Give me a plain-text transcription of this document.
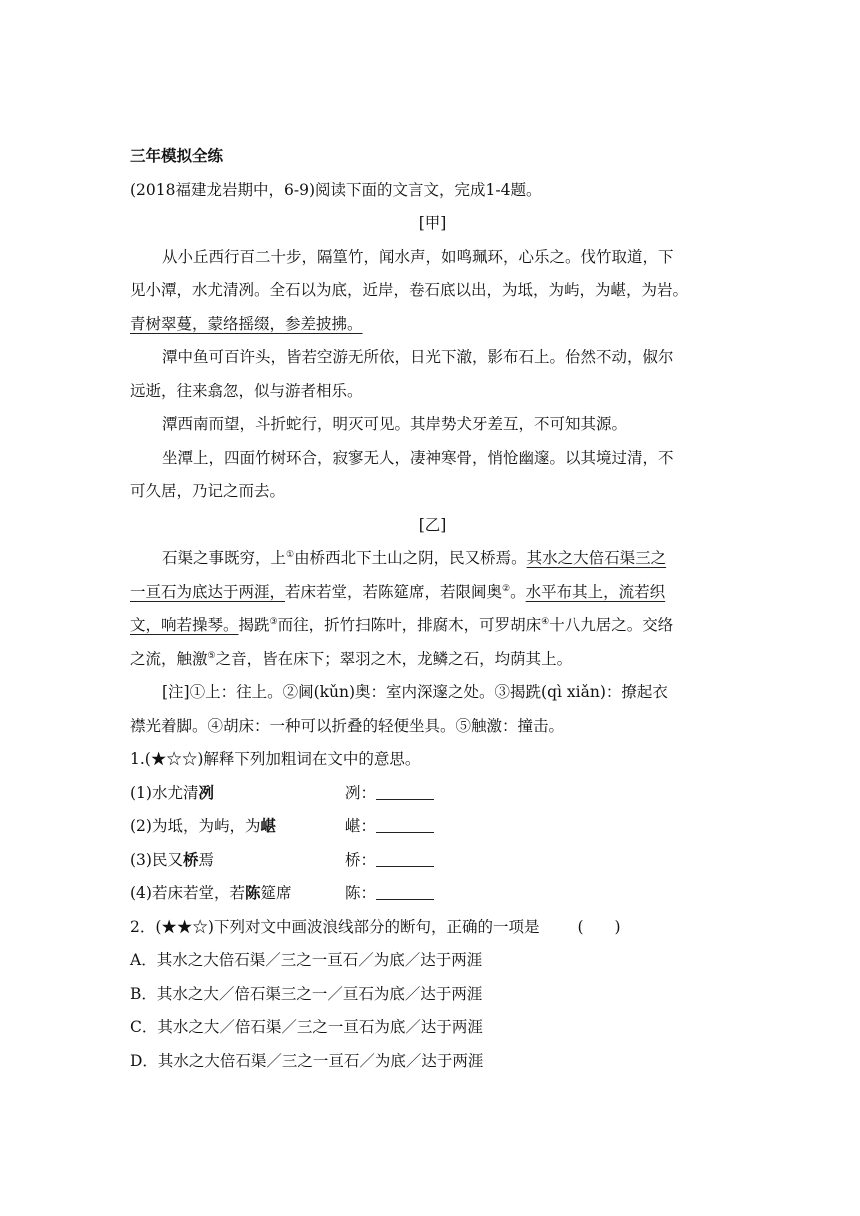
三年模拟全练
(2018福建龙岩期中，6-9)阅读下面的文言文，完成1-4题。
[甲]
从小丘西行百二十步，隔篁竹，闻水声，如鸣珮环，心乐之。伐竹取道，下
见小潭，水尤清冽。全石以为底，近岸，卷石底以出，为坻，为屿，为嵁，为岩。
青树翠蔓，蒙络摇缀，参差披拂。
潭中鱼可百许头，皆若空游无所依，日光下澈，影布石上。佁然不动，俶尔
远逝，往来翕忽，似与游者相乐。
潭西南而望，斗折蛇行，明灭可见。其岸势犬牙差互，不可知其源。
坐潭上，四面竹树环合，寂寥无人，凄神寒骨，悄怆幽邃。以其境过清，不
可久居，乃记之而去。
[乙]
石渠之事既穷，上①由桥西北下土山之阴，民又桥焉。其水之大倍石渠三之
一亘石为底达于两涯，若床若堂，若陈筵席，若限阃奥②。水平布其上，流若织
文，响若操琴。揭跣③而往，折竹扫陈叶，排腐木，可罗胡床④十八九居之。交络
之流，触激⑤之音，皆在床下；翠羽之木，龙鳞之石，均荫其上。
[注]①上：往上。②阃(kǔn)奥：室内深邃之处。③揭跣(qì xiǎn)：撩起衣
襟光着脚。④胡床：一种可以折叠的轻便坐具。⑤触激：撞击。
1.(★☆☆)解释下列加粗词在文中的意思。
(1)水尤清冽	冽：
(2)为坻，为屿，为嵁	嵁：
(3)民又桥焉	桥：
(4)若床若堂，若陈筵席	陈：
2．(★★☆)下列对文中画波浪线部分的断句，正确的一项是 (　　)
A．其水之大倍石渠／三之一亘石／为底／达于两涯
B．其水之大／倍石渠三之一／亘石为底／达于两涯
C．其水之大／倍石渠／三之一亘石为底／达于两涯
D．其水之大倍石渠／三之一亘石／为底／达于两涯
